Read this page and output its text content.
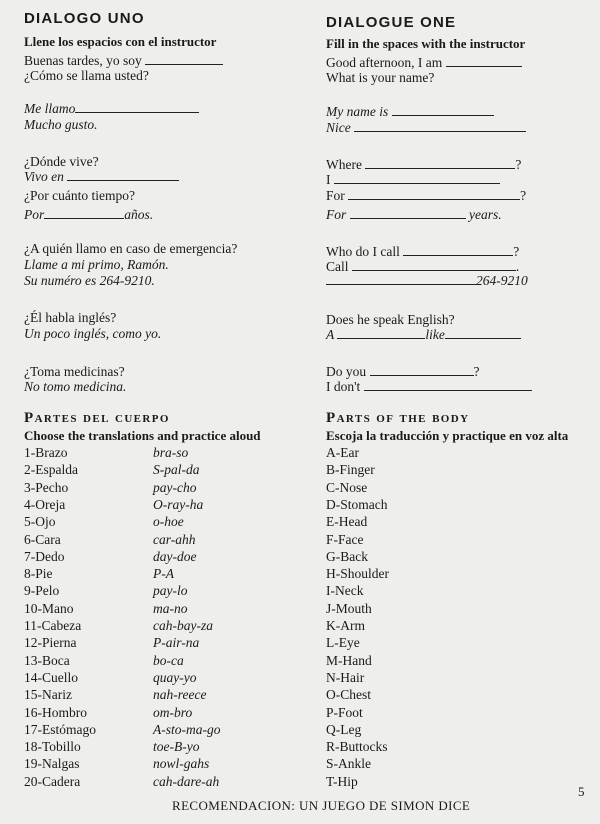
DIALOGO UNO
Llene los espacios con el instructor
Buenas tardes, yo soy
¿Cómo se llama usted?
Me llamo
Mucho gusto.
¿Dónde vive?
Vivo en
¿Por cuánto tiempo?
Por	años.
¿A quién llamo en caso de emergencia?
Llame a mi primo, Ramón.
Su numéro es 264-9210.
¿Él habla inglés?
Un poco inglés, como yo.
¿Toma medicinas?
No tomo medicina.
DIALOGUE ONE
Fill in the spaces with the instructor
Good afternoon, I am
What is your name?
My name is
Nice
Where	?
I
For	?
For	years.
Who do I call	?
Call	.
264-9210
Does he speak English?
A	like
Do you	?
I don't
Partes del cuerpo
Choose the translations and practice aloud
1-Brazo	bra-so
2-Espalda	S-pal-da
3-Pecho	pay-cho
4-Oreja	O-ray-ha
5-Ojo	o-hoe
6-Cara	car-ahh
7-Dedo	day-doe
8-Pie	P-A
9-Pelo	pay-lo
10-Mano	ma-no
11-Cabeza	cah-bay-za
12-Pierna	P-air-na
13-Boca	bo-ca
14-Cuello	quay-yo
15-Nariz	nah-reece
16-Hombro	om-bro
17-Estómago	A-sto-ma-go
18-Tobillo	toe-B-yo
19-Nalgas	nowl-gahs
20-Cadera	cah-dare-ah
Parts of the body
Escoja la traducción y practique en voz alta
A-Ear
B-Finger
C-Nose
D-Stomach
E-Head
F-Face
G-Back
H-Shoulder
I-Neck
J-Mouth
K-Arm
L-Eye
M-Hand
N-Hair
O-Chest
P-Foot
Q-Leg
R-Buttocks
S-Ankle
T-Hip
RECOMENDACION: UN JUEGO DE SIMON DICE
5
